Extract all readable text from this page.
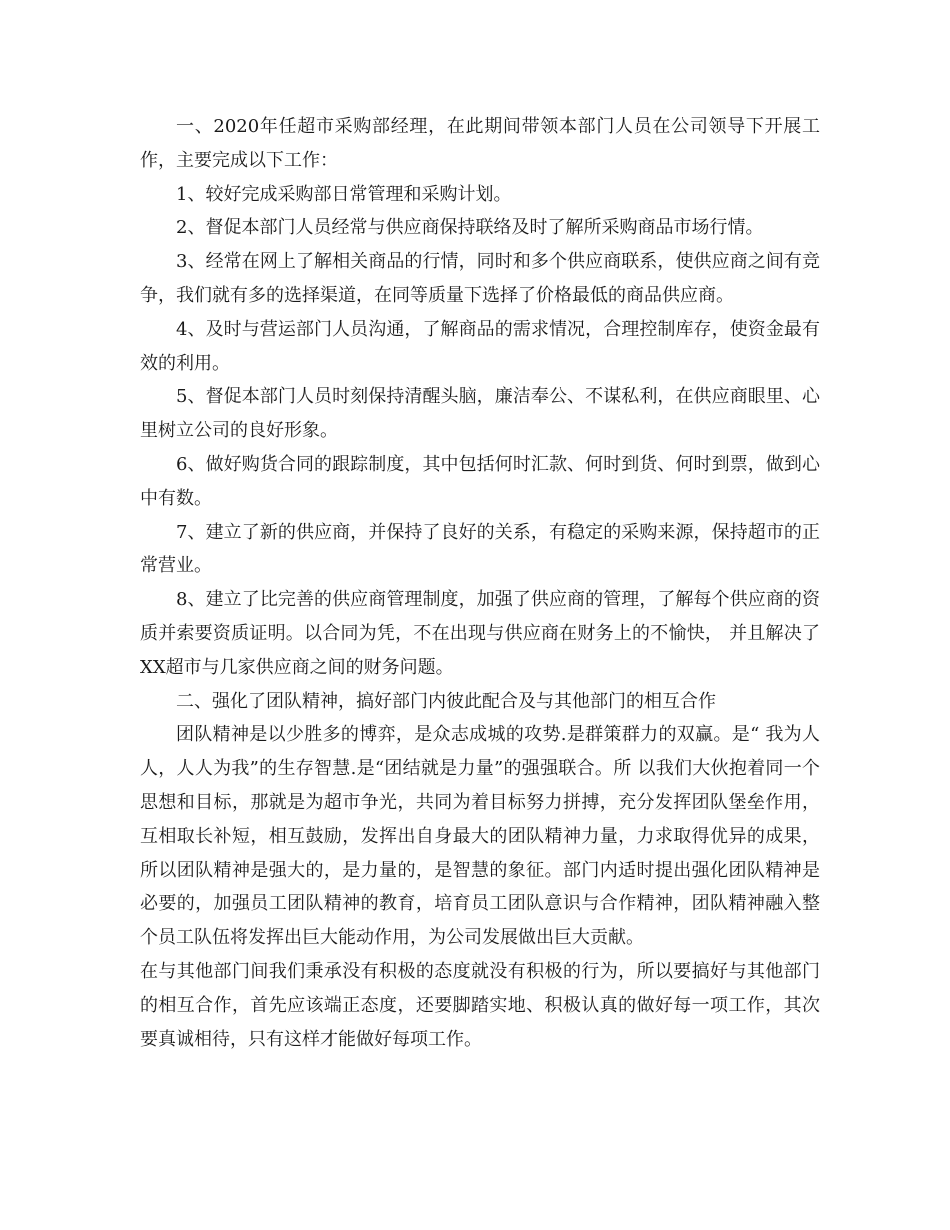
一、2020年任超市采购部经理，在此期间带领本部门人员在公司领导下开展工作，主要完成以下工作：

1、较好完成采购部日常管理和采购计划。

2、督促本部门人员经常与供应商保持联络及时了解所采购商品市场行情。

3、经常在网上了解相关商品的行情，同时和多个供应商联系，使供应商之间有竞争，我们就有多的选择渠道，在同等质量下选择了价格最低的商品供应商。

4、及时与营运部门人员沟通，了解商品的需求情况，合理控制库存，使资金最有效的利用。

5、督促本部门人员时刻保持清醒头脑，廉洁奉公、不谋私利，在供应商眼里、心里树立公司的良好形象。

6、做好购货合同的跟踪制度，其中包括何时汇款、何时到货、何时到票，做到心中有数。

7、建立了新的供应商，并保持了良好的关系，有稳定的采购来源，保持超市的正常营业。

8、建立了比完善的供应商管理制度，加强了供应商的管理，了解每个供应商的资质并索要资质证明。以合同为凭，不在出现与供应商在财务上的不愉快， 并且解决了XX超市与几家供应商之间的财务问题。

二、强化了团队精神，搞好部门内彼此配合及与其他部门的相互合作

团队精神是以少胜多的博弈，是众志成城的攻势.是群策群力的双赢。是“ 我为人人，人人为我”的生存智慧.是“团结就是力量”的强强联合。所 以我们大伙抱着同一个思想和目标，那就是为超市争光，共同为着目标努力拼搏，充分发挥团队堡垒作用，互相取长补短，相互鼓励，发挥出自身最大的团队精神力量，力求取得优异的成果，所以团队精神是强大的，是力量的，是智慧的象征。部门内适时提出强化团队精神是必要的，加强员工团队精神的教育，培育员工团队意识与合作精神，团队精神融入整个员工队伍将发挥出巨大能动作用，为公司发展做出巨大贡献。

在与其他部门间我们秉承没有积极的态度就没有积极的行为，所以要搞好与其他部门的相互合作，首先应该端正态度，还要脚踏实地、积极认真的做好每一项工作，其次要真诚相待，只有这样才能做好每项工作。
